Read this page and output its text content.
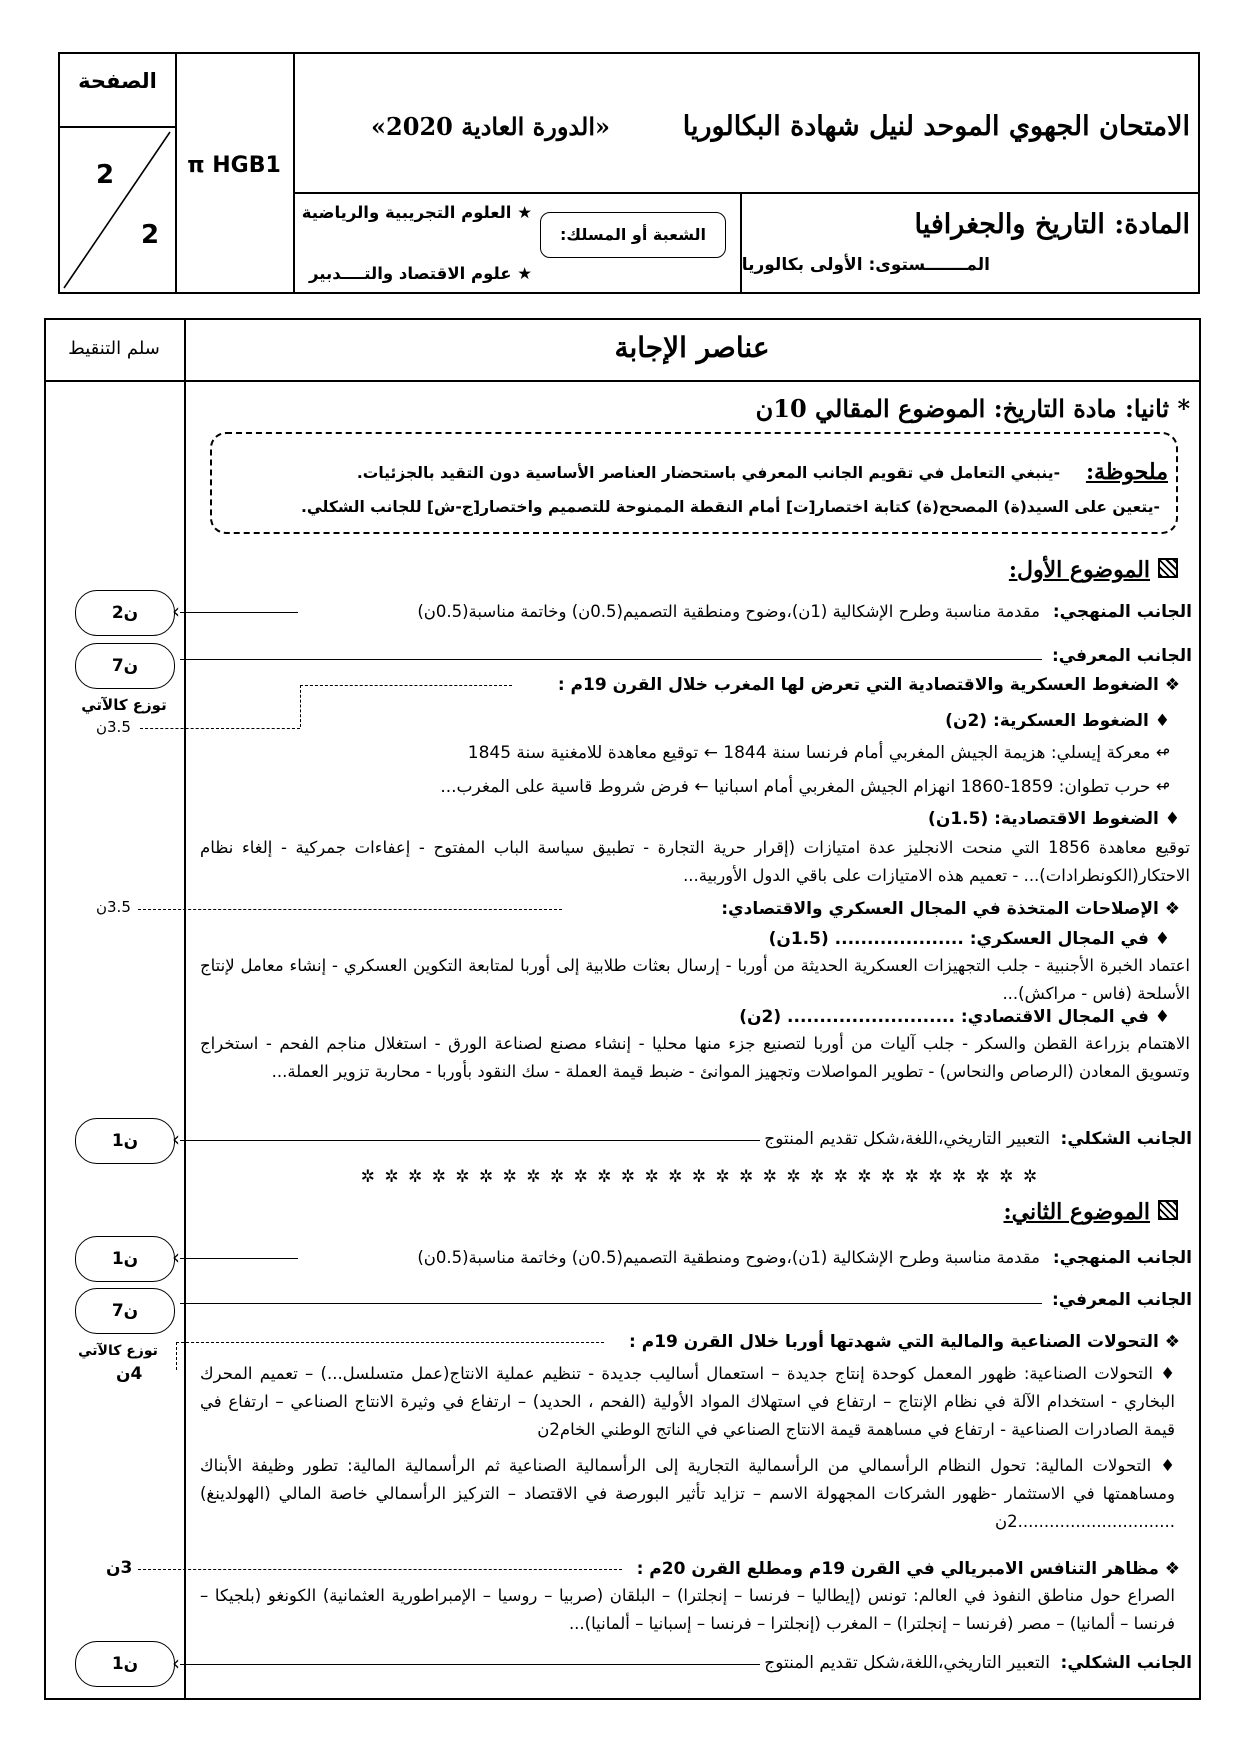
الصفحة
2
2
π HGB1
الامتحان الجهوي الموحد لنيل شهادة البكالوريا
«الدورة العادية 2020»
المادة: التاريخ والجغرافيا
المـــــــستوى: الأولى بكالوريا
الشعبة أو المسلك:
★ العلوم التجريبية والرياضية
★ علوم الاقتصاد والتــــدبير
سلم التنقيط	عناصر الإجابة
* ثانيا: مادة التاريخ: الموضوع المقالي 10ن
ملحوظة:
-ينبغي التعامل في تقويم الجانب المعرفي باستحضار العناصر الأساسية دون التقيد بالجزئيات.
-يتعين على السيد(ة) المصحح(ة) كتابة اختصار[ت] أمام النقطة الممنوحة للتصميم واختصار[ج-ش] للجانب الشكلي.
الموضوع الأول:
الجانب المنهجي:
مقدمة مناسبة وطرح الإشكالية (1ن)،وضوح ومنطقية التصميم(0.5ن) وخاتمة مناسبة(0.5ن)
‹
الجانب المعرفي:
❖ الضغوط العسكرية والاقتصادية التي تعرض لها المغرب خلال القرن 19م :
♦ الضغوط العسكرية: (2ن)
↫ معركة إيسلي: هزيمة الجيش المغربي أمام فرنسا سنة 1844 ← توقيع معاهدة للامغنية سنة 1845
↫ حرب تطوان: 1859-1860 انهزام الجيش المغربي أمام اسبانيا ← فرض شروط قاسية على المغرب...
♦ الضغوط الاقتصادية: (1.5ن)
توقيع معاهدة 1856 التي منحت الانجليز عدة امتيازات (إقرار حرية التجارة - تطبيق سياسة الباب المفتوح - إعفاءات جمركية - إلغاء نظام الاحتكار(الكونطرادات)... - تعميم هذه الامتيازات على باقي الدول الأوربية...
❖ الإصلاحات المتخذة في المجال العسكري والاقتصادي:
♦ في المجال العسكري: .................... (1.5ن)
اعتماد الخبرة الأجنبية - جلب التجهيزات العسكرية الحديثة من أوربا - إرسال بعثات طلابية إلى أوربا لمتابعة التكوين العسكري - إنشاء معامل لإنتاج الأسلحة (فاس - مراكش)...
♦ في المجال الاقتصادي: .......................... (2ن)
الاهتمام بزراعة القطن والسكر - جلب آليات من أوربا لتصنيع جزء منها محليا - إنشاء مصنع لصناعة الورق - استغلال مناجم الفحم - استخراج وتسويق المعادن (الرصاص والنحاس) - تطوير المواصلات وتجهيز الموانئ - ضبط قيمة العملة - سك النقود بأوربا - محاربة تزوير العملة...
الجانب الشكلي:
التعبير التاريخي،اللغة،شكل تقديم المنتوج
‹
✲ ✲ ✲ ✲ ✲ ✲ ✲ ✲ ✲ ✲ ✲ ✲ ✲ ✲ ✲ ✲ ✲ ✲ ✲ ✲ ✲ ✲ ✲ ✲ ✲ ✲ ✲ ✲ ✲
الموضوع الثاني:
الجانب المنهجي:
مقدمة مناسبة وطرح الإشكالية (1ن)،وضوح ومنطقية التصميم(0.5ن) وخاتمة مناسبة(0.5ن)
‹
الجانب المعرفي:
❖ التحولات الصناعية والمالية التي شهدتها أوربا خلال القرن 19م :
♦ التحولات الصناعية: ظهور المعمل كوحدة إنتاج جديدة – استعمال أساليب جديدة - تنظيم عملية الانتاج(عمل متسلسل...) – تعميم المحرك البخاري - استخدام الآلة في نظام الإنتاج – ارتفاع في استهلاك المواد الأولية (الفحم ، الحديد) – ارتفاع في وثيرة الانتاج الصناعي – ارتفاع في قيمة الصادرات الصناعية - ارتفاع في مساهمة قيمة الانتاج الصناعي في الناتج الوطني الخام2ن
♦ التحولات المالية: تحول النظام الرأسمالي من الرأسمالية التجارية إلى الرأسمالية الصناعية ثم الرأسمالية المالية: تطور وظيفة الأبناك ومساهمتها في الاستثمار -ظهور الشركات المجهولة الاسم – تزايد تأثير البورصة في الاقتصاد – التركيز الرأسمالي خاصة المالي (الهولدينغ) ..............................2ن
❖ مظاهر التنافس الامبريالي في القرن 19م ومطلع القرن 20م :
الصراع حول مناطق النفوذ في العالم: تونس (إيطاليا – فرنسا – إنجلترا) – البلقان (صربيا – روسيا – الإمبراطورية العثمانية) الكونغو (بلجيكا – فرنسا – ألمانيا) – مصر (فرنسا – إنجلترا) – المغرب (إنجلترا – فرنسا – إسبانيا – ألمانيا)...
الجانب الشكلي:
التعبير التاريخي،اللغة،شكل تقديم المنتوج
‹
2ن
7ن
توزع كالآتي
3.5ن
3.5ن
1ن
1ن
7ن
توزع كالآتي
4ن
3ن
1ن
